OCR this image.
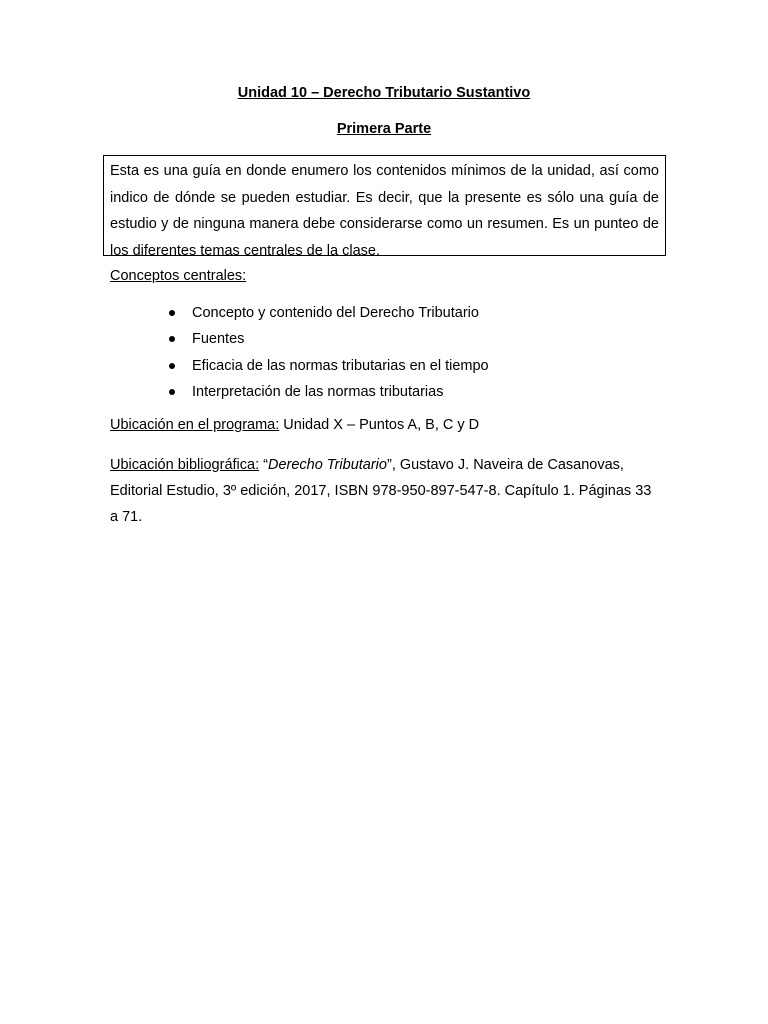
Unidad 10 – Derecho Tributario Sustantivo
Primera Parte
Esta es una guía en donde enumero los contenidos mínimos de la unidad, así como indico de dónde se pueden estudiar. Es decir, que la presente es sólo una guía de estudio y de ninguna manera debe considerarse como un resumen. Es un punteo de los diferentes temas centrales de la clase.
Conceptos centrales:
Concepto y contenido del Derecho Tributario
Fuentes
Eficacia de las normas tributarias en el tiempo
Interpretación de las normas tributarias
Ubicación en el programa: Unidad X – Puntos A, B, C y D
Ubicación bibliográfica: “Derecho Tributario”, Gustavo J. Naveira de Casanovas, Editorial Estudio, 3º edición, 2017, ISBN 978-950-897-547-8. Capítulo 1. Páginas 33 a 71.
